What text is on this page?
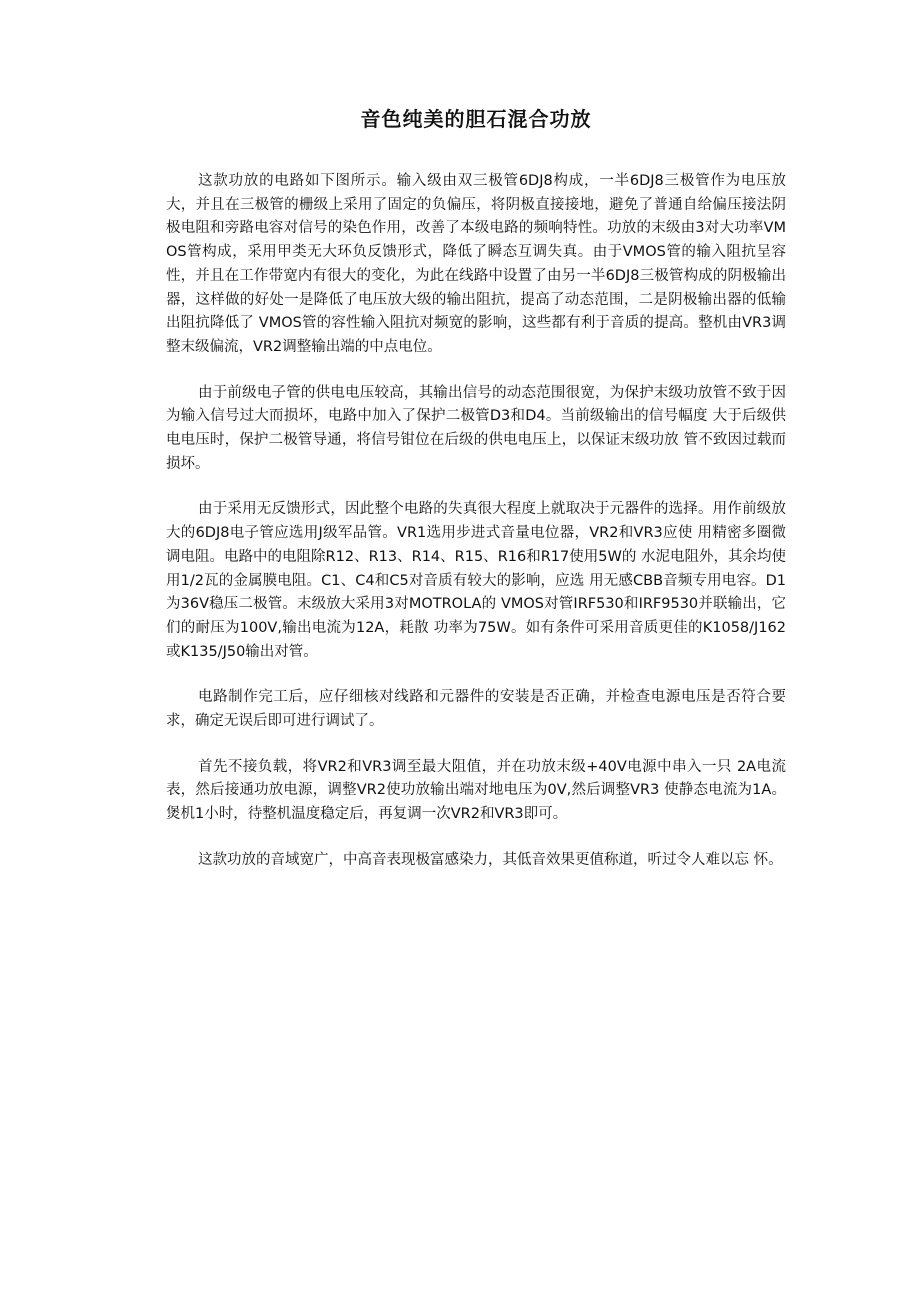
音色纯美的胆石混合功放

这款功放的电路如下图所示。输入级由双三极管6DJ8构成，一半6DJ8三极管作为电压放大，并且在三极管的栅级上采用了固定的负偏压，将阴极直接接地，避免了普通自给偏压接法阴极电阻和旁路电容对信号的染色作用，改善了本级电路的频响特性。功放的末级由3对大功率VMOS管构成，采用甲类无大环负反馈形式，降低了瞬态互调失真。由于VMOS管的输入阻抗呈容性，并且在工作带宽内有很大的变化，为此在线路中设置了由另一半6DJ8三极管构成的阴极输出器，这样做的好处一是降低了电压放大级的输出阻抗，提高了动态范围，二是阴极输出器的低输出阻抗降低了 VMOS管的容性输入阻抗对频宽的影响，这些都有利于音质的提高。整机由VR3调整末级偏流，VR2调整输出端的中点电位。

由于前级电子管的供电电压较高，其输出信号的动态范围很宽，为保护末级功放管不致于因为输入信号过大而损坏，电路中加入了保护二极管D3和D4。当前级输出的信号幅度 大于后级供电电压时，保护二极管导通，将信号钳位在后级的供电电压上，以保证末级功放 管不致因过载而损坏。

由于采用无反馈形式，因此整个电路的失真很大程度上就取决于元器件的选择。用作前级放大的6DJ8电子管应选用J级军品管。VR1选用步进式音量电位器，VR2和VR3应使 用精密多圈微调电阻。电路中的电阻除R12、R13、R14、R15、R16和R17使用5W的 水泥电阻外，其余均使用1/2瓦的金属膜电阻。C1、C4和C5对音质有较大的影响，应选 用无感CBB音频专用电容。D1为36V稳压二极管。末级放大采用3对MOTROLA的 VMOS对管IRF530和IRF9530并联输出，它们的耐压为100V,输出电流为12A，耗散 功率为75W。如有条件可采用音质更佳的K1058/J162或K135/J50输出对管。

电路制作完工后，应仔细核对线路和元器件的安装是否正确，并检查电源电压是否符合要求，确定无误后即可进行调试了。

首先不接负载，将VR2和VR3调至最大阻值，并在功放末级+40V电源中串入一只 2A电流表，然后接通功放电源，调整VR2使功放输出端对地电压为0V,然后调整VR3 使静态电流为1A。煲机1小时，待整机温度稳定后，再复调一次VR2和VR3即可。

这款功放的音域宽广，中高音表现极富感染力，其低音效果更值称道，听过令人难以忘 怀。
